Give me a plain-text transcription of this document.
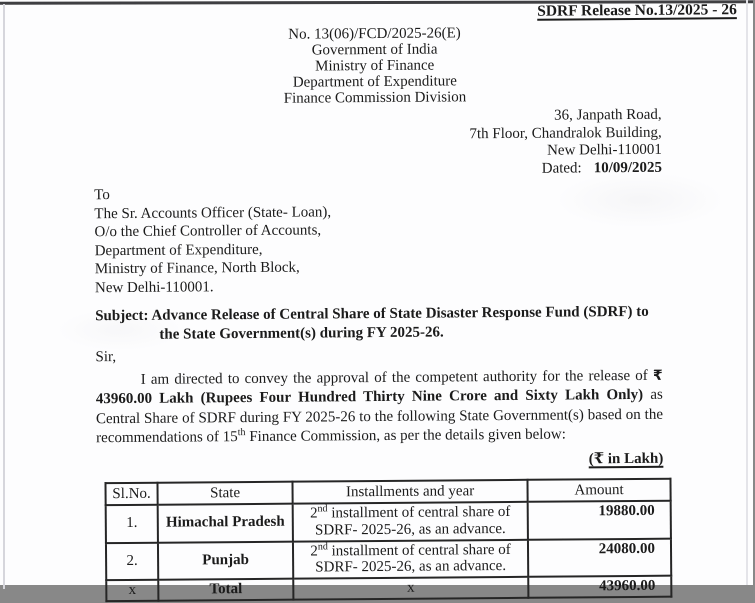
SDRF Release No.13/2025 - 26
No. 13(06)/FCD/2025-26(E)
Government of India
Ministry of Finance
Department of Expenditure
Finance Commission Division
36, Janpath Road,
7th Floor, Chandralok Building,
New Delhi-110001
Dated: 10/09/2025
To
The Sr. Accounts Officer (State- Loan),
O/o the Chief Controller of Accounts,
Department of Expenditure,
Ministry of Finance, North Block,
New Delhi-110001.
Subject: Advance Release of Central Share of State Disaster Response Fund (SDRF) to the State Government(s) during FY 2025-26.
Sir,

I am directed to convey the approval of the competent authority for the release of ₹ 43960.00 Lakh (Rupees Four Hundred Thirty Nine Crore and Sixty Lakh Only) as Central Share of SDRF during FY 2025-26 to the following State Government(s) based on the recommendations of 15th Finance Commission, as per the details given below:

(₹ in Lakh)
Sl.No.	State	Installments and year	Amount
1.	Himachal Pradesh	2nd installment of central share of
SDRF- 2025-26, as an advance.	19880.00
2.	Punjab	2nd installment of central share of
SDRF- 2025-26, as an advance.	24080.00
x	Total	x	43960.00
